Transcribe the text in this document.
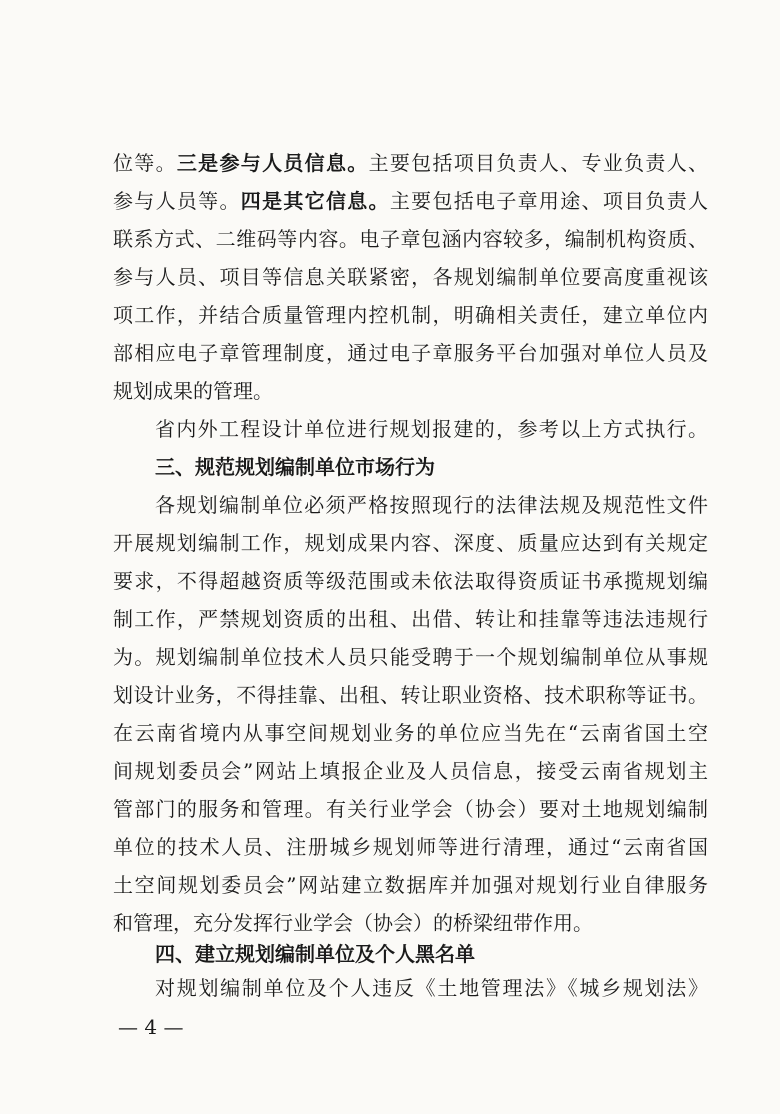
位等。三是参与人员信息。主要包括项目负责人、专业负责人、
参与人员等。四是其它信息。主要包括电子章用途、项目负责人
联系方式、二维码等内容。电子章包涵内容较多，编制机构资质、
参与人员、项目等信息关联紧密，各规划编制单位要高度重视该
项工作，并结合质量管理内控机制，明确相关责任，建立单位内
部相应电子章管理制度，通过电子章服务平台加强对单位人员及
规划成果的管理。
省内外工程设计单位进行规划报建的，参考以上方式执行。
三、规范规划编制单位市场行为
各规划编制单位必须严格按照现行的法律法规及规范性文件
开展规划编制工作，规划成果内容、深度、质量应达到有关规定
要求，不得超越资质等级范围或未依法取得资质证书承揽规划编
制工作，严禁规划资质的出租、出借、转让和挂靠等违法违规行
为。规划编制单位技术人员只能受聘于一个规划编制单位从事规
划设计业务，不得挂靠、出租、转让职业资格、技术职称等证书。
在云南省境内从事空间规划业务的单位应当先在“云南省国土空
间规划委员会”网站上填报企业及人员信息，接受云南省规划主
管部门的服务和管理。有关行业学会（协会）要对土地规划编制
单位的技术人员、注册城乡规划师等进行清理，通过“云南省国
土空间规划委员会”网站建立数据库并加强对规划行业自律服务
和管理，充分发挥行业学会（协会）的桥梁纽带作用。
四、建立规划编制单位及个人黑名单
对规划编制单位及个人违反《土地管理法》《城乡规划法》
— 4 —
